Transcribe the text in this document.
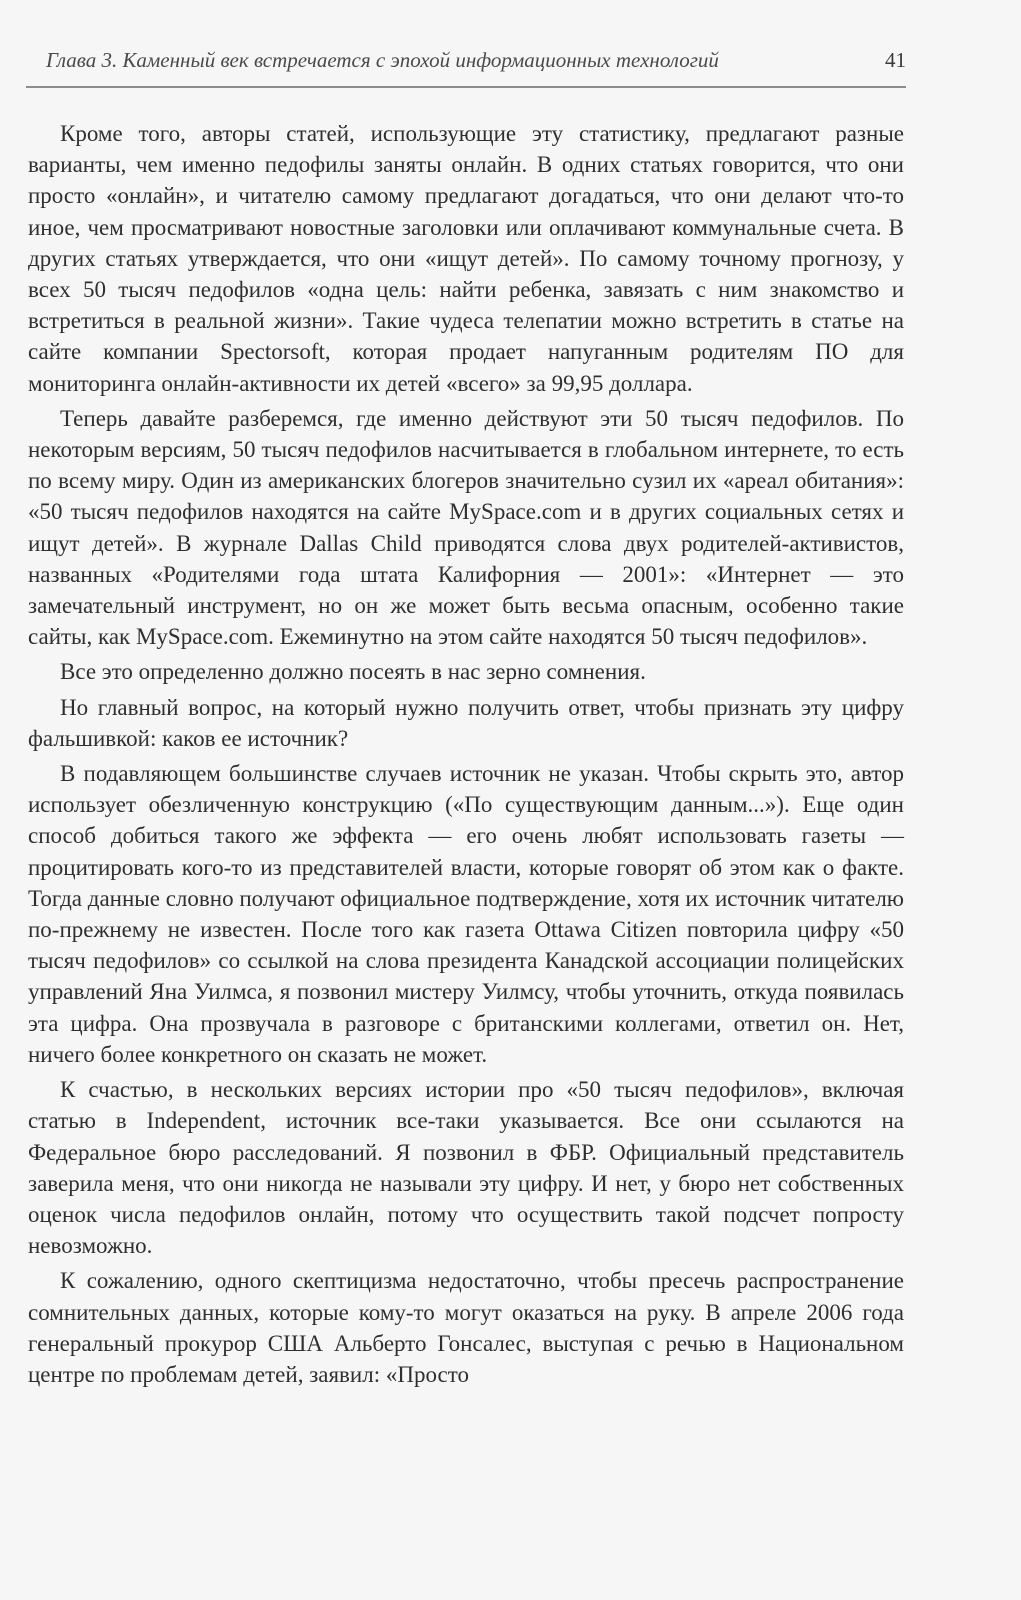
Глава 3. Каменный век встречается с эпохой информационных технологий	41

Кроме того, авторы статей, использующие эту статистику, предлагают разные варианты, чем именно педофилы заняты онлайн. В одних статьях говорится, что они просто «онлайн», и читателю самому предлагают догадаться, что они делают что-то иное, чем просматривают новостные заголовки или оплачивают коммунальные счета. В других статьях утверждается, что они «ищут детей». По самому точному прогнозу, у всех 50 тысяч педофилов «одна цель: найти ребенка, завязать с ним знакомство и встретиться в реальной жизни». Такие чудеса телепатии можно встретить в статье на сайте компании Spectorsoft, которая продает напуганным родителям ПО для мониторинга онлайн-активности их детей «всего» за 99,95 доллара.

Теперь давайте разберемся, где именно действуют эти 50 тысяч педофилов. По некоторым версиям, 50 тысяч педофилов насчитывается в глобальном интернете, то есть по всему миру. Один из американских блогеров значительно сузил их «ареал обитания»: «50 тысяч педофилов находятся на сайте MySpace.com и в других социальных сетях и ищут детей». В журнале Dallas Child приводятся слова двух родителей-активистов, названных «Родителями года штата Калифорния — 2001»: «Интернет — это замечательный инструмент, но он же может быть весьма опасным, особенно такие сайты, как MySpace.com. Ежеминутно на этом сайте находятся 50 тысяч педофилов».

Все это определенно должно посеять в нас зерно сомнения.

Но главный вопрос, на который нужно получить ответ, чтобы признать эту цифру фальшивкой: каков ее источник?

В подавляющем большинстве случаев источник не указан. Чтобы скрыть это, автор использует обезличенную конструкцию («По существующим данным...»). Еще один способ добиться такого же эффекта — его очень любят использовать газеты — процитировать кого-то из представителей власти, которые говорят об этом как о факте. Тогда данные словно получают официальное подтверждение, хотя их источник читателю по-прежнему не известен. После того как газета Ottawa Citizen повторила цифру «50 тысяч педофилов» со ссылкой на слова президента Канадской ассоциации полицейских управлений Яна Уилмса, я позвонил мистеру Уилмсу, чтобы уточнить, откуда появилась эта цифра. Она прозвучала в разговоре с британскими коллегами, ответил он. Нет, ничего более конкретного он сказать не может.

К счастью, в нескольких версиях истории про «50 тысяч педофилов», включая статью в Independent, источник все-таки указывается. Все они ссылаются на Федеральное бюро расследований. Я позвонил в ФБР. Официальный представитель заверила меня, что они никогда не называли эту цифру. И нет, у бюро нет собственных оценок числа педофилов онлайн, потому что осуществить такой подсчет попросту невозможно.

К сожалению, одного скептицизма недостаточно, чтобы пресечь распространение сомнительных данных, которые кому-то могут оказаться на руку. В апреле 2006 года генеральный прокурор США Альберто Гонсалес, выступая с речью в Национальном центре по проблемам детей, заявил: «Просто
